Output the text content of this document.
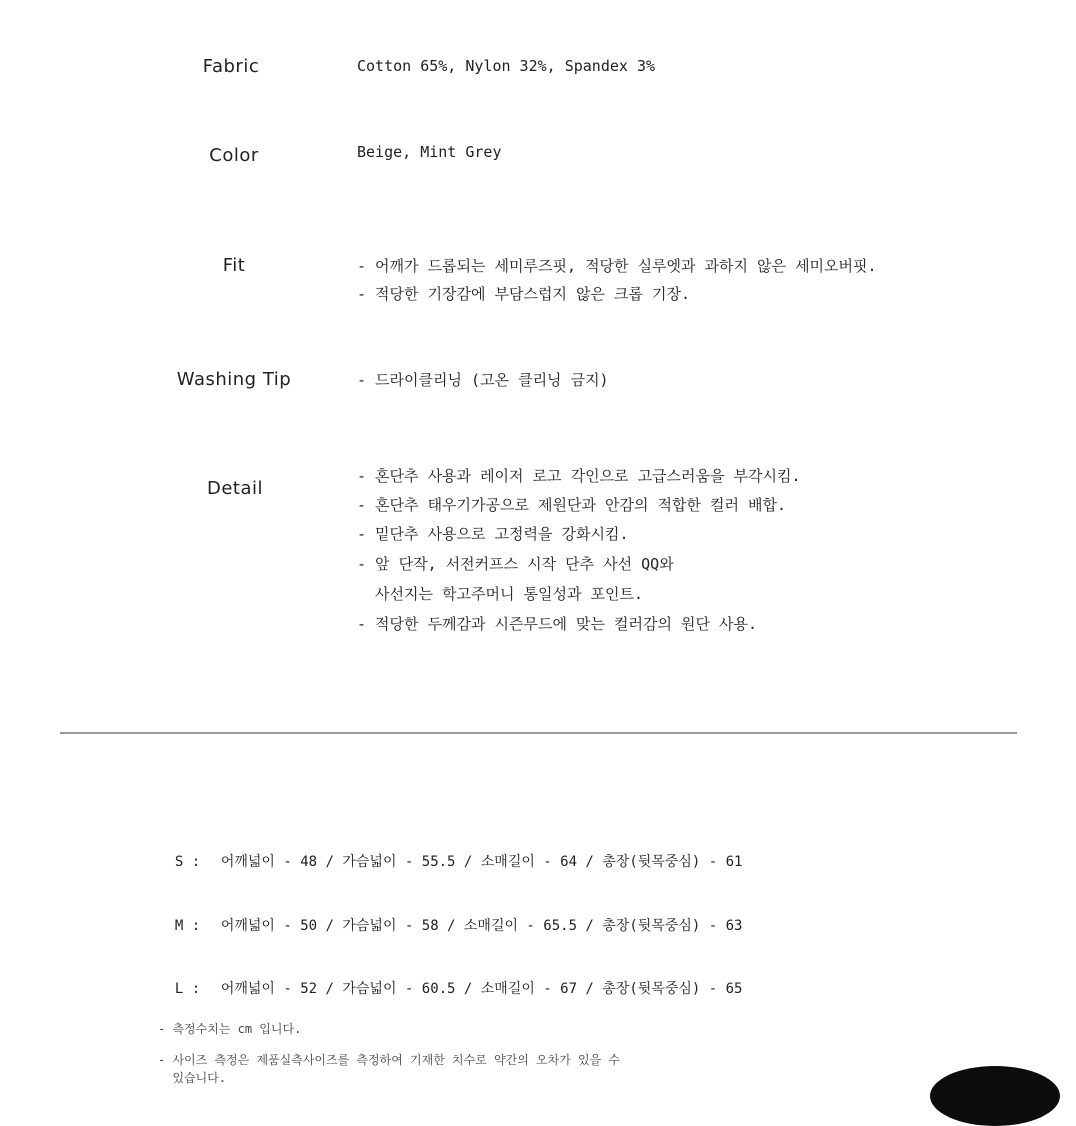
Fabric	Cotton 65%, Nylon 32%, Spandex 3%
Color	Beige, Mint Grey
Fit	- 어깨가 드롭되는 세미루즈핏, 적당한 실루엣과 과하지 않은 세미오버핏.
- 적당한 기장감에 부담스럽지 않은 크롭 기장.
Washing Tip	- 드라이클리닝 (고온 클리닝 금지)
Detail
- 혼단추 사용과 레이저 로고 각인으로 고급스러움을 부각시킴.
- 혼단추 태우기가공으로 제원단과 안감의 적합한 컬러 배합.
- 밑단추 사용으로 고정력을 강화시킴.
- 앞 단작, 서전커프스 시작 단추 사선 QQ와
사선지는 학고주머니 통일성과 포인트.
- 적당한 두께감과 시즌무드에 맞는 컬러감의 원단 사용.

S : 어깨넓이 - 48 / 가슴넓이 - 55.5 / 소매길이 - 64 / 총장(뒷목중심) - 61

M : 어깨넓이 - 50 / 가슴넓이 - 58 / 소매길이 - 65.5 / 총장(뒷목중심) - 63

L : 어깨넓이 - 52 / 가슴넓이 - 60.5 / 소매길이 - 67 / 총장(뒷목중심) - 65

- 측정수치는 cm 입니다.
- 사이즈 측정은 제품실측사이즈를 측정하여 기재한 치수로 약간의 오차가 있을 수
있습니다.
